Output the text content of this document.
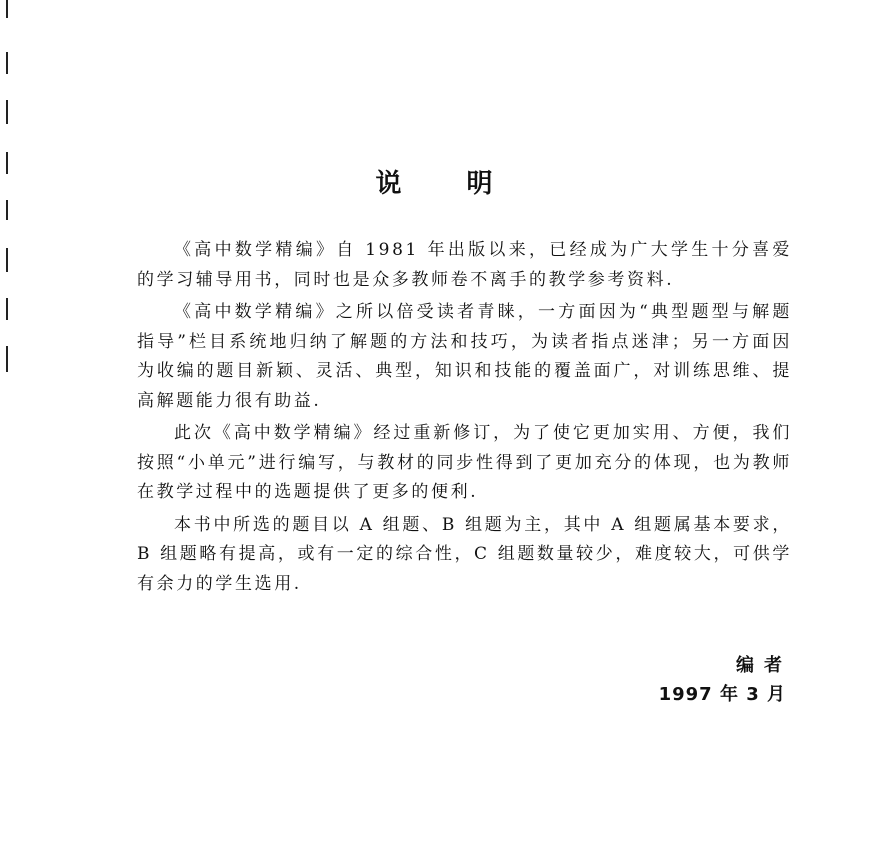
说 明

《高中数学精编》自 1981 年出版以来，已经成为广大学生十分喜爱的学习辅导用书，同时也是众多教师卷不离手的教学参考资料.

《高中数学精编》之所以倍受读者青睐，一方面因为“典型题型与解题指导”栏目系统地归纳了解题的方法和技巧，为读者指点迷津；另一方面因为收编的题目新颖、灵活、典型，知识和技能的覆盖面广，对训练思维、提高解题能力很有助益.

此次《高中数学精编》经过重新修订，为了使它更加实用、方便，我们按照“小单元”进行编写，与教材的同步性得到了更加充分的体现，也为教师在教学过程中的选题提供了更多的便利.

本书中所选的题目以 A 组题、B 组题为主，其中 A 组题属基本要求，B 组题略有提高，或有一定的综合性，C 组题数量较少，难度较大，可供学有余力的学生选用.

编者
1997 年 3 月
